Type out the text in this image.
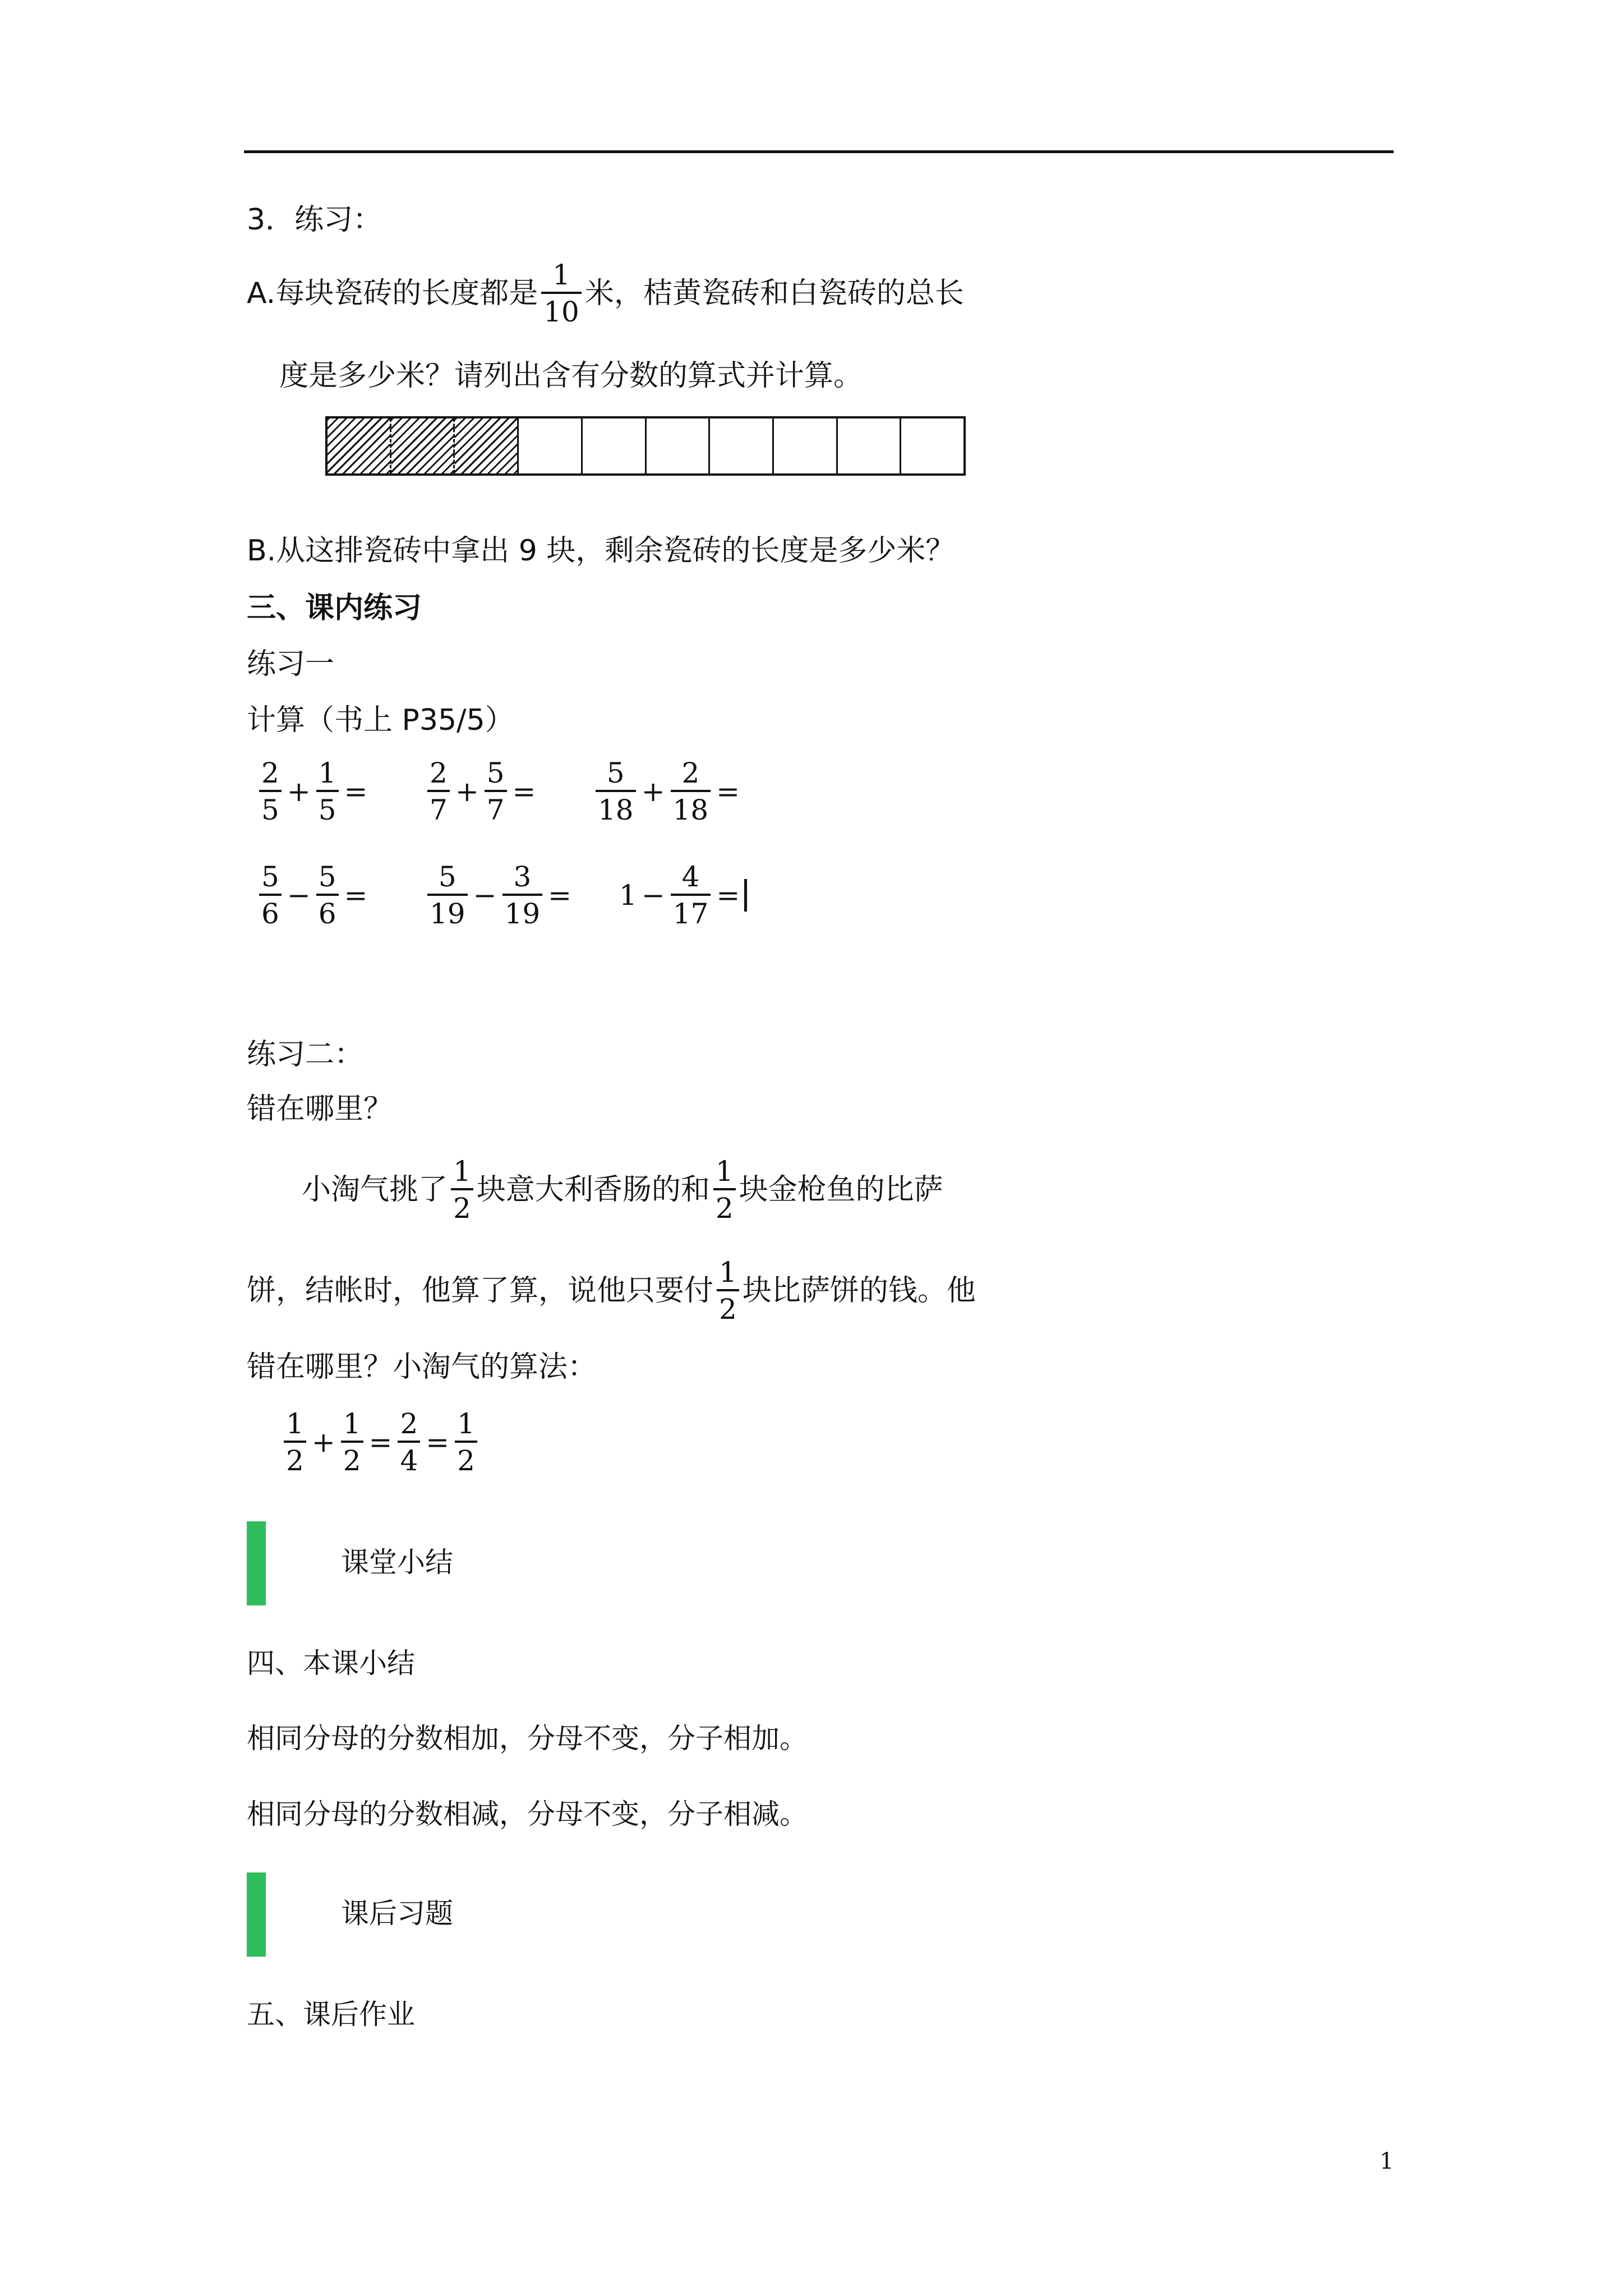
3．练习：
A.每块瓷砖的长度都是 $\frac{1}{10}$ 米，桔黄瓷砖和白瓷砖的总长
度是多少米？请列出含有分数的算式并计算。
B.从这排瓷砖中拿出 9 块，剩余瓷砖的长度是多少米？
三、课内练习
练习一
计算（书上 P35/5）
$\frac{2}{5} + \frac{1}{5} = \frac{2}{7} + \frac{5}{7} = \frac{5}{18} + \frac{2}{18}$ =
$\frac{5}{6} - \frac{5}{6} = \frac{5}{19} - \frac{3}{19} = 1 - \frac{4}{17}$ =
练习二：
错在哪里？
小淘气挑了 $\frac{1}{2}$ 块意大利香肠的和 $\frac{1}{2}$ 块金枪鱼的比萨
饼，结帐时，他算了算，说他只要付 $\frac{1}{2}$ 块比萨饼的钱。他
错在哪里？小淘气的算法：
$\frac{1}{2} + \frac{1}{2} = \frac{2}{4} = \frac{1}{2}$
课堂小结
四、本课小结
相同分母的分数相加，分母不变，分子相加。
相同分母的分数相减，分母不变，分子相减。
课后习题
五、课后作业
1
